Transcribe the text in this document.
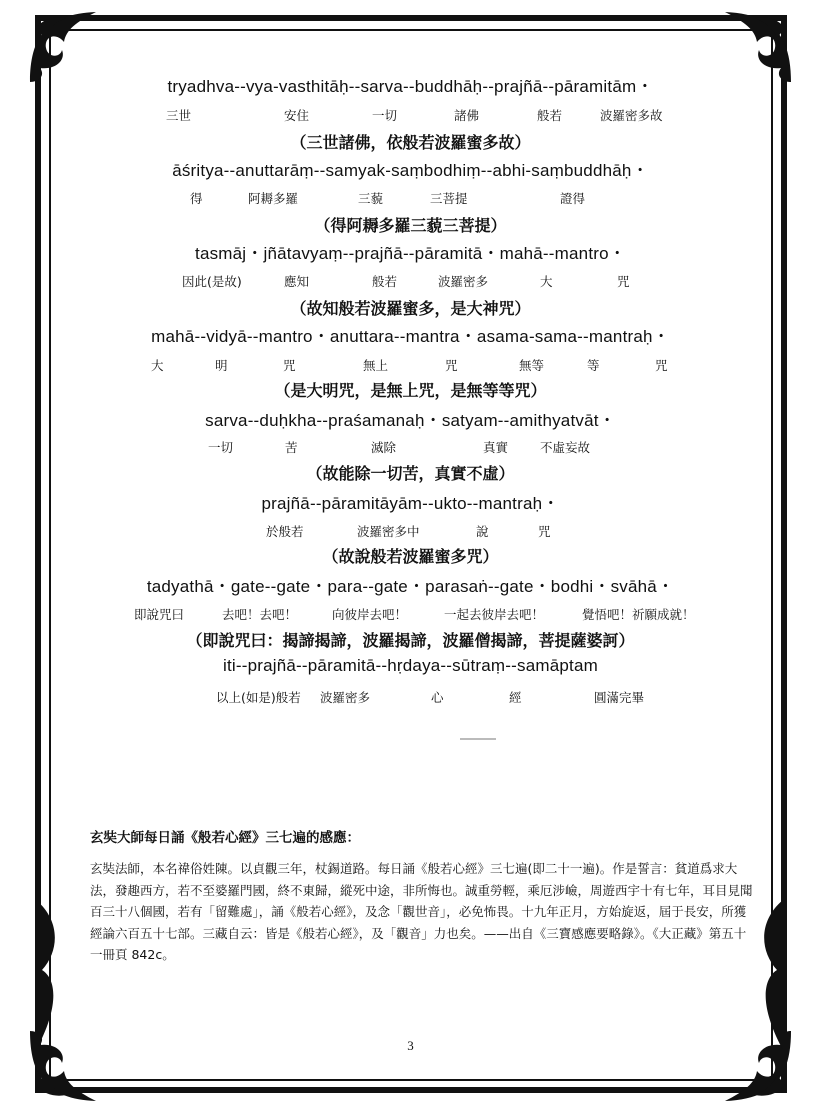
tryadhva--vya-vasthitāḥ--sarva--buddhāḥ--prajñā--pāramitām・
三世	安住	一切	諸佛	般若	波羅密多故
（三世諸佛，依般若波羅蜜多故）
āśritya--anuttarāṃ--samyak-saṃbodhiṃ--abhi-saṃbuddhāḥ・
得	阿耨多羅	三藐	三菩提	證得
（得阿耨多羅三藐三菩提）
tasmāj・jñātavyaṃ--prajñā--pāramitā・mahā--mantro・
因此(是故)	應知	般若	波羅密多	大	咒
（故知般若波羅蜜多，是大神咒）
mahā--vidyā--mantro・anuttara--mantra・asama-sama--mantraḥ・
大	明	咒	無上	咒	無等	等	咒
（是大明咒，是無上咒，是無等等咒）
sarva--duḥkha--praśamanaḥ・satyam--amithyatvāt・
一切	苦	滅除	真實	不虛妄故
（故能除一切苦，真實不虛）
prajñā--pāramitāyām--ukto--mantraḥ・
於般若	波羅密多中	說	咒
（故說般若波羅蜜多咒）
tadyathā・gate--gate・para--gate・parasaṅ--gate・bodhi・svāhā・
即說咒曰	去吧！去吧！	向彼岸去吧！	一起去彼岸去吧！	覺悟吧！祈願成就！
（即說咒曰：揭諦揭諦，波羅揭諦，波羅僧揭諦，菩提薩婆訶）
iti--prajñā--pāramitā--hṛdaya--sūtraṃ--samāptam
以上(如是)般若 波羅密多	心	經	圓滿完畢
玄奘大師每日誦《般若心經》三七遍的感應：

玄奘法師，本名禕俗姓陳。以貞觀三年，杖錫道路。每日誦《般若心經》三七遍(即二十一遍)。作是誓言：貧道爲求大法，發趣西方，若不至婆羅門國，終不東歸，縱死中途，非所悔也。誠重勞輕，乘厄涉嶮，周遊西宇十有七年，耳目見聞百三十八個國，若有「留難處」，誦《般若心經》，及念「觀世音」，必免怖畏。十九年正月，方始旋返，屆于長安，所獲經論六百五十七部。三藏自云：皆是《般若心經》，及「觀音」力也矣。——出自《三寶感應要略錄》。《大正藏》第五十一冊頁 842c。

3
